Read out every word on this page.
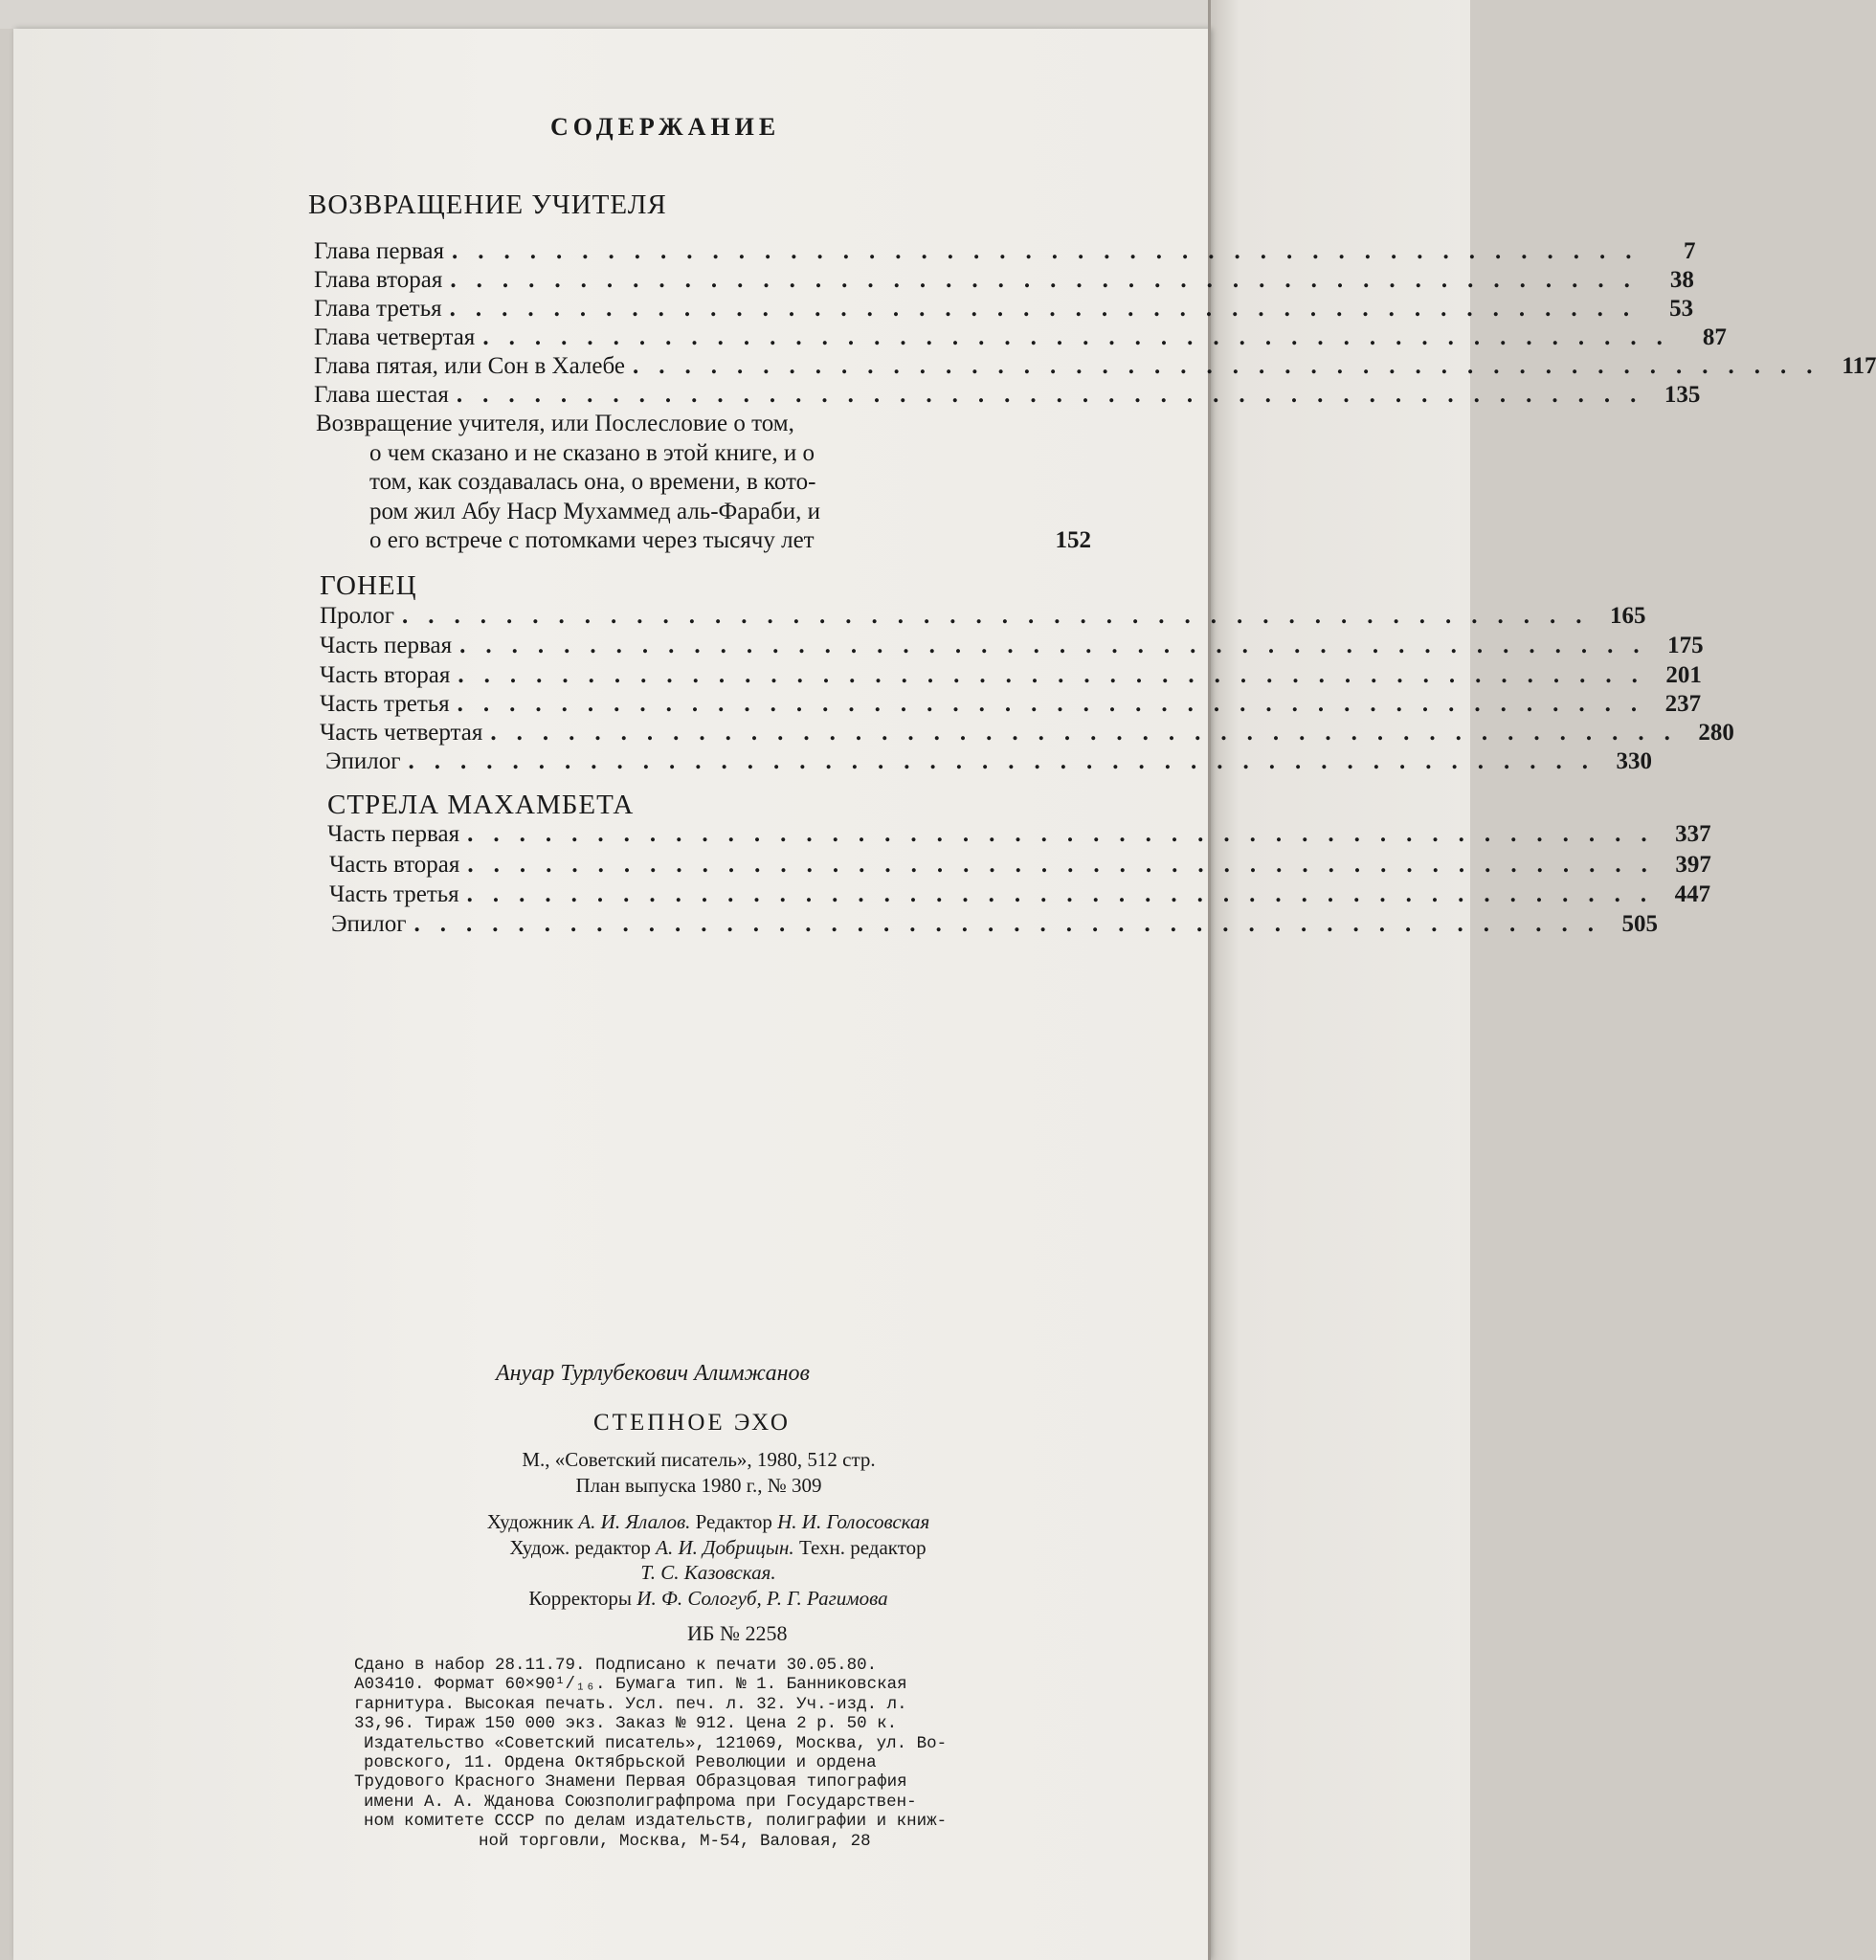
СОДЕРЖАНИЕ
ВОЗВРАЩЕНИЕ УЧИТЕЛЯ
Глава первая ..............................................	7
Глава вторая .............................................. 38
Глава третья .............................................. 53
Глава четвертая .............................................. 87
Глава пятая, или Сон в Халебе .............................................. 117
Глава шестая .............................................. 135
Возвращение учителя, или Послесловие о том,
о чем сказано и не сказано в этой книге, и о
том, как создавалась она, о времени, в кото-
ром жил Абу Наср Мухаммед аль-Фараби, и
о его встрече с потомками через тысячу лет	152
ГОНЕЦ
Пролог .............................................. 165
Часть первая .............................................. 175
Часть вторая .............................................. 201
Часть третья .............................................. 237
Часть четвертая .............................................. 280
Эпилог .............................................. 330
СТРЕЛА МАХАМБЕТА
Часть первая .............................................. 337
Часть вторая .............................................. 397
Часть третья .............................................. 447
Эпилог .............................................. 505
Ануар Турлубекович Алимжанов
СТЕПНОЕ ЭХО
М., «Советский писатель», 1980, 512 стр.
План выпуска 1980 г., № 309
Художник А. И. Ялалов. Редактор Н. И. Голосовская
Худож. редактор А. И. Добрицын. Техн. редактор
Т. С. Казовская.
Корректоры И. Ф. Сологуб, Р. Г. Рагимова
ИБ № 2258
Сдано в набор 28.11.79. Подписано к печати 30.05.80.
А03410. Формат 60×90¹/₁₆. Бумага тип. № 1. Банниковская
гарнитура. Высокая печать. Усл. печ. л. 32. Уч.-изд. л.
33,96. Тираж 150 000 экз. Заказ № 912. Цена 2 р. 50 к.
Издательство «Советский писатель», 121069, Москва, ул. Во-
ровского, 11. Ордена Октябрьской Революции и ордена
Трудового Красного Знамени Первая Образцовая типография
имени А. А. Жданова Союзполиграфпрома при Государствен-
ном комитете СССР по делам издательств, полиграфии и книж-
ной торговли, Москва, М-54, Валовая, 28
